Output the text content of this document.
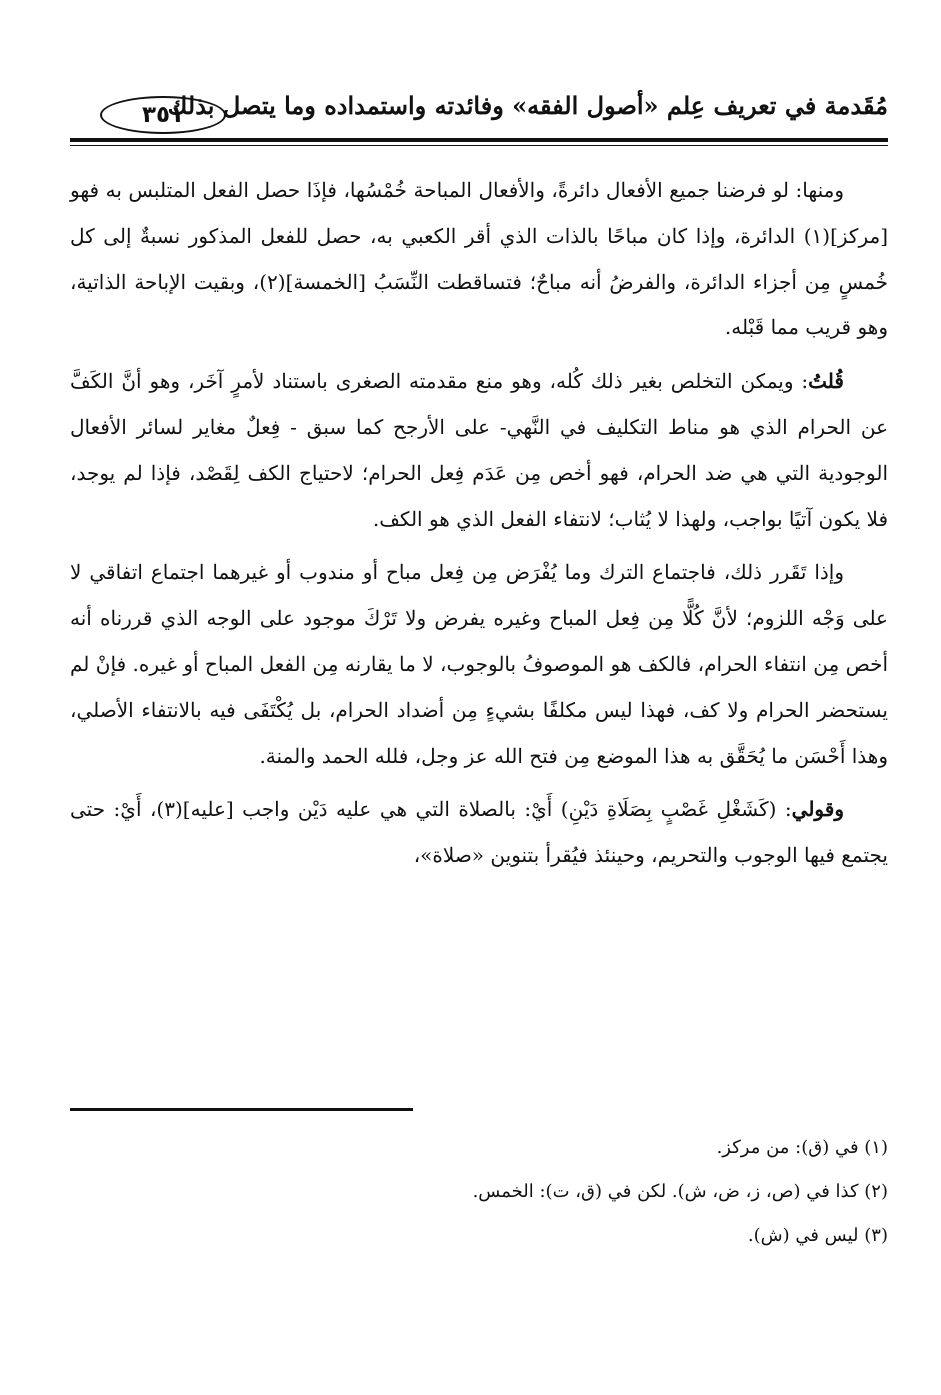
مُقَدمة في تعريف عِلم «أصول الفقه» وفائدته واستمداده وما يتصل بذلك
٣٥١

ومنها: لو فرضنا جميع الأفعال دائرةً، والأفعال المباحة خُمْسُها، فإذَا حصل الفعل المتلبس به فهو [مركز](١) الدائرة، وإذا كان مباحًا بالذات الذي أقر الكعبي به، حصل للفعل المذكور نسبةٌ إلى كل خُمسٍ مِن أجزاء الدائرة، والفرضُ أنه مباحٌ؛ فتساقطت النِّسَبُ [الخمسة](٢)، وبقيت الإباحة الذاتية، وهو قريب مما قَبْله.

قُلتُ: ويمكن التخلص بغير ذلك كُله، وهو منع مقدمته الصغرى باستناد لأمرٍ آخَر، وهو أنَّ الكَفَّ عن الحرام الذي هو مناط التكليف في النَّهي- على الأرجح كما سبق - فِعلٌ مغاير لسائر الأفعال الوجودية التي هي ضد الحرام، فهو أخص مِن عَدَم فِعل الحرام؛ لاحتياج الكف لِقَصْد، فإذا لم يوجد، فلا يكون آتيًا بواجب، ولهذا لا يُثاب؛ لانتفاء الفعل الذي هو الكف.

وإذا تَقَرر ذلك، فاجتماع الترك وما يُفْرَض مِن فِعل مباح أو مندوب أو غيرهما اجتماع اتفاقي لا على وَجْه اللزوم؛ لأنَّ كُلًّا مِن فِعل المباح وغيره يفرض ولا تَرْكَ موجود على الوجه الذي قررناه أنه أخص مِن انتفاء الحرام، فالكف هو الموصوفُ بالوجوب، لا ما يقارنه مِن الفعل المباح أو غيره. فإنْ لم يستحضر الحرام ولا كف، فهذا ليس مكلفًا بشيءٍ مِن أضداد الحرام، بل يُكْتَفَى فيه بالانتفاء الأصلي، وهذا أَحْسَن ما يُحَقَّق به هذا الموضع مِن فتح الله عز وجل، فلله الحمد والمنة.

وقولي: (كَشَغْلِ غَصْبٍ بِصَلَاةِ دَيْنِ) أَيْ: بالصلاة التي هي عليه دَيْن واجب [عليه](٣)، أَيْ: حتى يجتمع فيها الوجوب والتحريم، وحينئذ فيُقرأ بتنوين «صلاة»،

(١) في (ق): من مركز.

(٢) كذا في (ص، ز، ض، ش). لكن في (ق، ت): الخمس.

(٣) ليس في (ش).
